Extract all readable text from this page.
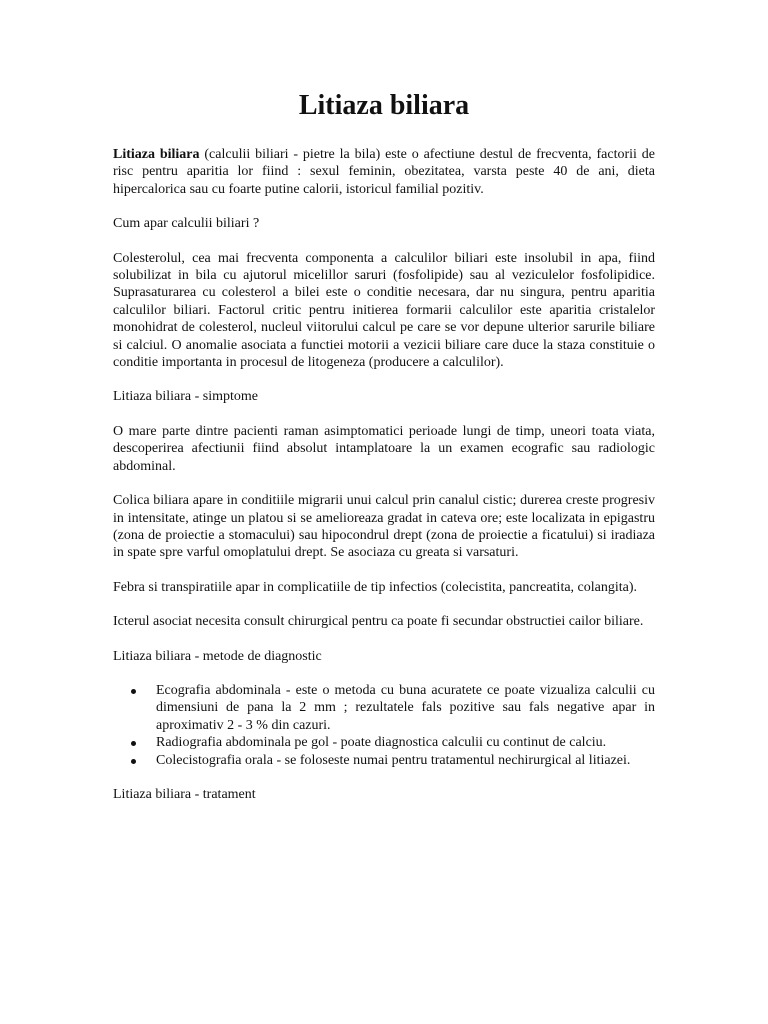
Litiaza biliara

Litiaza biliara (calculii biliari - pietre la bila) este o afectiune destul de frecventa, factorii de risc pentru aparitia lor fiind : sexul feminin, obezitatea, varsta peste 40 de ani, dieta hipercalorica sau cu foarte putine calorii, istoricul familial pozitiv.

Cum apar calculii biliari ?

Colesterolul, cea mai frecventa componenta a calculilor biliari este insolubil in apa, fiind solubilizat in bila cu ajutorul micelillor saruri (fosfolipide) sau al veziculelor fosfolipidice. Suprasaturarea cu colesterol a bilei este o conditie necesara, dar nu singura, pentru aparitia calculilor biliari. Factorul critic pentru initierea formarii calculilor este aparitia cristalelor monohidrat de colesterol, nucleul viitorului calcul pe care se vor depune ulterior sarurile biliare si calciul. O anomalie asociata a functiei motorii a vezicii biliare care duce la staza constituie o conditie importanta in procesul de litogeneza (producere a calculilor).

Litiaza biliara - simptome

O mare parte dintre pacienti raman asimptomatici perioade lungi de timp, uneori toata viata, descoperirea afectiunii fiind absolut intamplatoare la un examen ecografic sau radiologic abdominal.

Colica biliara apare in conditiile migrarii unui calcul prin canalul cistic; durerea creste progresiv in intensitate, atinge un platou si se amelioreaza gradat in cateva ore; este localizata in epigastru (zona de proiectie a stomacului) sau hipocondrul drept (zona de proiectie a ficatului) si iradiaza in spate spre varful omoplatului drept. Se asociaza cu greata si varsaturi.

Febra si transpiratiile apar in complicatiile de tip infectios (colecistita, pancreatita, colangita).

Icterul asociat necesita consult chirurgical pentru ca poate fi secundar obstructiei cailor biliare.

Litiaza biliara - metode de diagnostic

Ecografia abdominala - este o metoda cu buna acuratete ce poate vizualiza calculii cu dimensiuni de pana la 2 mm ; rezultatele fals pozitive sau fals negative apar in aproximativ 2 - 3 % din cazuri.
Radiografia abdominala pe gol - poate diagnostica calculii cu continut de calciu.
Colecistografia orala - se foloseste numai pentru tratamentul nechirurgical al litiazei.

Litiaza biliara - tratament
